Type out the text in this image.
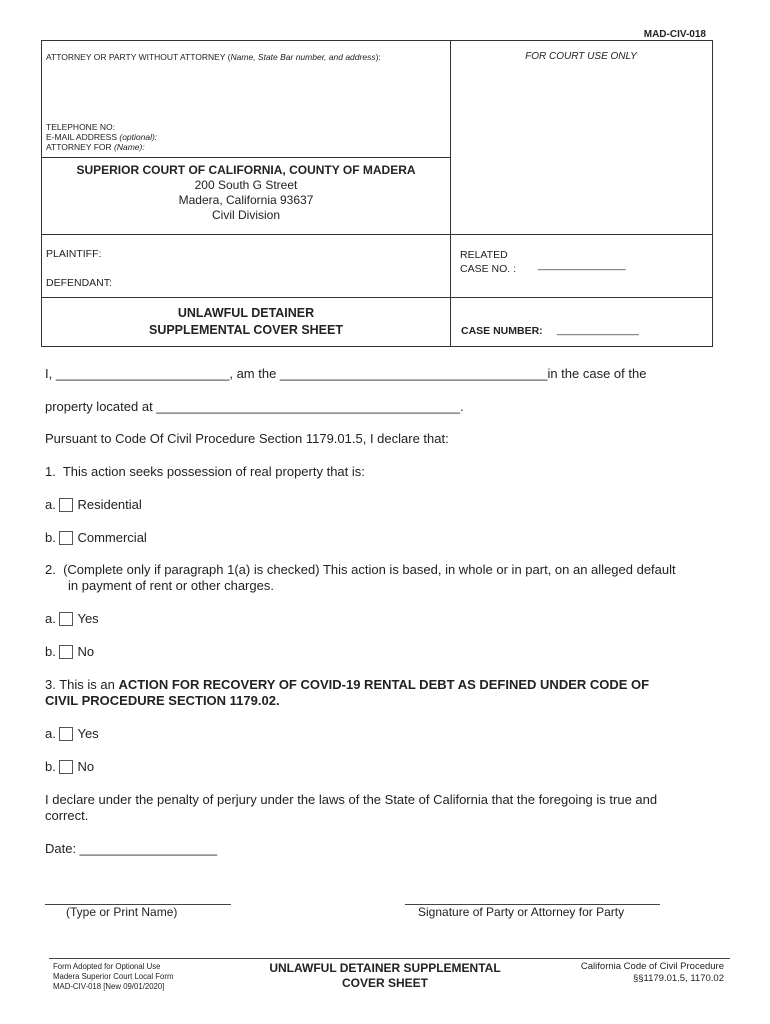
MAD-CIV-018
ATTORNEY OR PARTY WITHOUT ATTORNEY (Name, State Bar number, and address):	FOR COURT USE ONLY
TELEPHONE NO:
E-MAIL ADDRESS (optional):
ATTORNEY FOR (Name):
SUPERIOR COURT OF CALIFORNIA, COUNTY OF MADERA
200 South G Street
Madera, California 93637
Civil Division
PLAINTIFF:
DEFENDANT:
RELATED
CASE NO. : _______________
UNLAWFUL DETAINER
SUPPLEMENTAL COVER SHEET	CASE NUMBER: ______________
I, ________________________, am the _____________________________________in the case of the
property located at __________________________________________.
Pursuant to Code Of Civil Procedure Section 1179.01.5, I declare that:
1. This action seeks possession of real property that is:
a. Residential
b. Commercial
2. (Complete only if paragraph 1(a) is checked) This action is based, in whole or in part, on an alleged default
in payment of rent or other charges.
a. Yes
b. No
3. This is an ACTION FOR RECOVERY OF COVID-19 RENTAL DEBT AS DEFINED UNDER CODE OF
CIVIL PROCEDURE SECTION 1179.02.
a. Yes
b. No
I declare under the penalty of perjury under the laws of the State of California that the foregoing is true and
correct.
Date: ___________________
(Type or Print Name)	Signature of Party or Attorney for Party
Form Adopted for Optional Use
Madera Superior Court Local Form
MAD-CIV-018 [New 09/01/2020]
UNLAWFUL DETAINER SUPPLEMENTAL
COVER SHEET
California Code of Civil Procedure
§§1179.01.5, 1170.02
